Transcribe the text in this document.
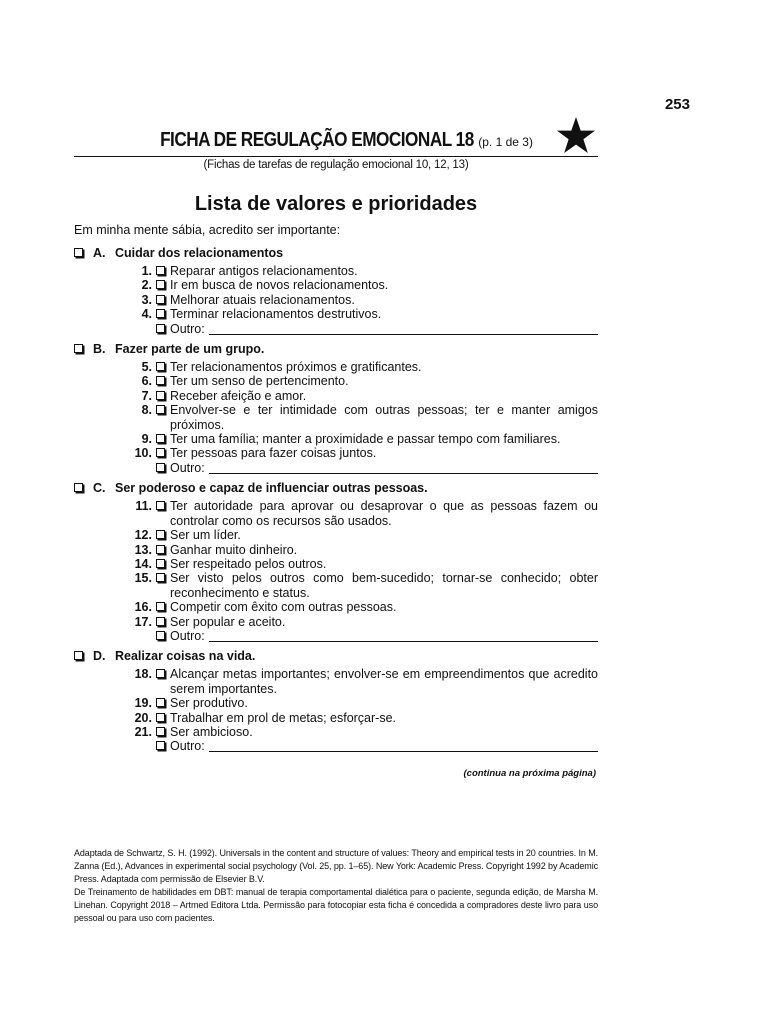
253
FICHA DE REGULAÇÃO EMOCIONAL 18 (p. 1 de 3)
(Fichas de tarefas de regulação emocional 10, 12, 13)
Lista de valores e prioridades
Em minha mente sábia, acredito ser importante:
A. Cuidar dos relacionamentos
1.	Reparar antigos relacionamentos.
2.	Ir em busca de novos relacionamentos.
3.	Melhorar atuais relacionamentos.
4.	Terminar relacionamentos destrutivos.
Outro:
B. Fazer parte de um grupo.
5.	Ter relacionamentos próximos e gratificantes.
6.	Ter um senso de pertencimento.
7.	Receber afeição e amor.
8.	Envolver-se e ter intimidade com outras pessoas; ter e manter amigos próximos.
9.	Ter uma família; manter a proximidade e passar tempo com familiares.
10.	Ter pessoas para fazer coisas juntos.
Outro:
C. Ser poderoso e capaz de influenciar outras pessoas.
11.	Ter autoridade para aprovar ou desaprovar o que as pessoas fazem ou controlar como os recursos são usados.
12.	Ser um líder.
13.	Ganhar muito dinheiro.
14.	Ser respeitado pelos outros.
15.	Ser visto pelos outros como bem-sucedido; tornar-se conhecido; obter reconhecimento e status.
16.	Competir com êxito com outras pessoas.
17.	Ser popular e aceito.
Outro:
D. Realizar coisas na vida.
18.	Alcançar metas importantes; envolver-se em empreendimentos que acredito serem importantes.
19.	Ser produtivo.
20.	Trabalhar em prol de metas; esforçar-se.
21.	Ser ambicioso.
Outro:
(continua na próxima página)

Adaptada de Schwartz, S. H. (1992). Universals in the content and structure of values: Theory and empirical tests in 20 countries. In M. Zanna (Ed.), Advances in experimental social psychology (Vol. 25, pp. 1–65). New York: Academic Press. Copyright 1992 by Academic Press. Adaptada com permissão de Elsevier B.V.

De Treinamento de habilidades em DBT: manual de terapia comportamental dialética para o paciente, segunda edição, de Marsha M. Linehan. Copyright 2018 – Artmed Editora Ltda. Permissão para fotocopiar esta ficha é concedida a compradores deste livro para uso pessoal ou para uso com pacientes.
